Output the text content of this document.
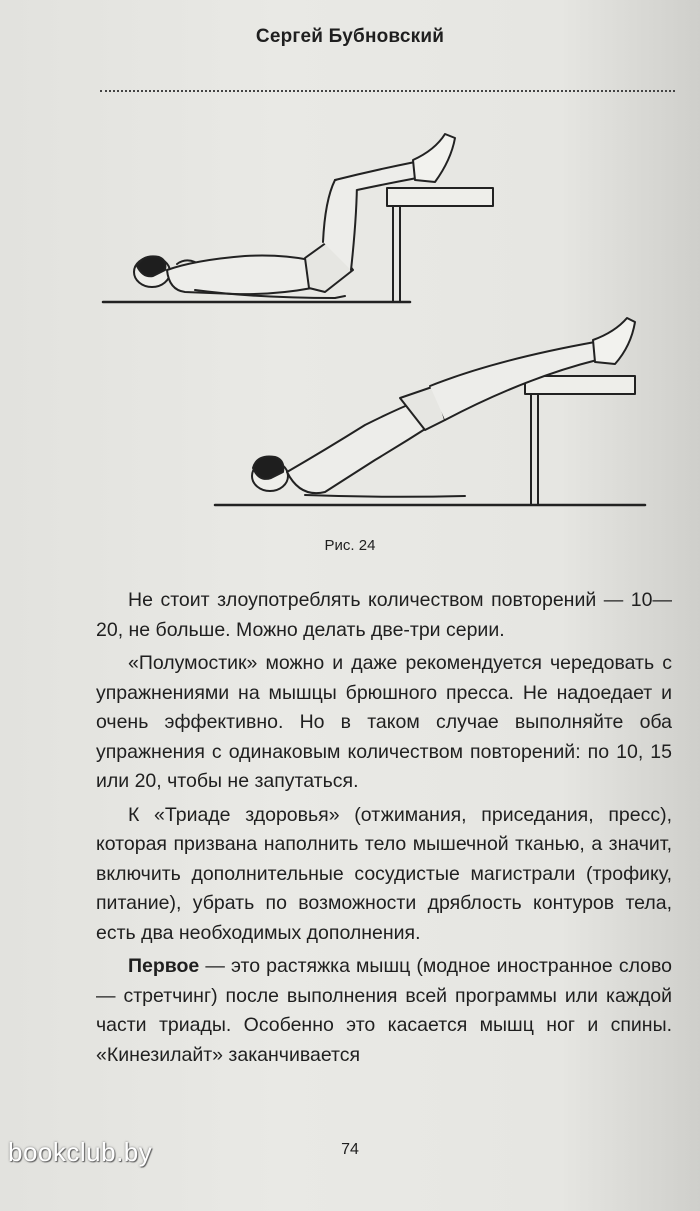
Сергей Бубновский
Рис. 24

Не стоит злоупотреблять количеством повторений — 10—20, не больше. Можно делать две-три серии.

«Полумостик» можно и даже рекомендуется чередовать с упражнениями на мышцы брюшного пресса. Не надоедает и очень эффективно. Но в таком случае выполняйте оба упражнения с одинаковым количеством повторений: по 10, 15 или 20, чтобы не запутаться.

К «Триаде здоровья» (отжимания, приседания, пресс), которая призвана наполнить тело мышечной тканью, а значит, включить дополнительные сосудистые магистрали (трофику, питание), убрать по возможности дряблость контуров тела, есть два необходимых дополнения.

Первое — это растяжка мышц (модное иностранное слово — стретчинг) после выполнения всей программы или каждой части триады. Особенно это касается мышц ног и спины. «Кинезилайт» заканчивается

74
bookclub.by
